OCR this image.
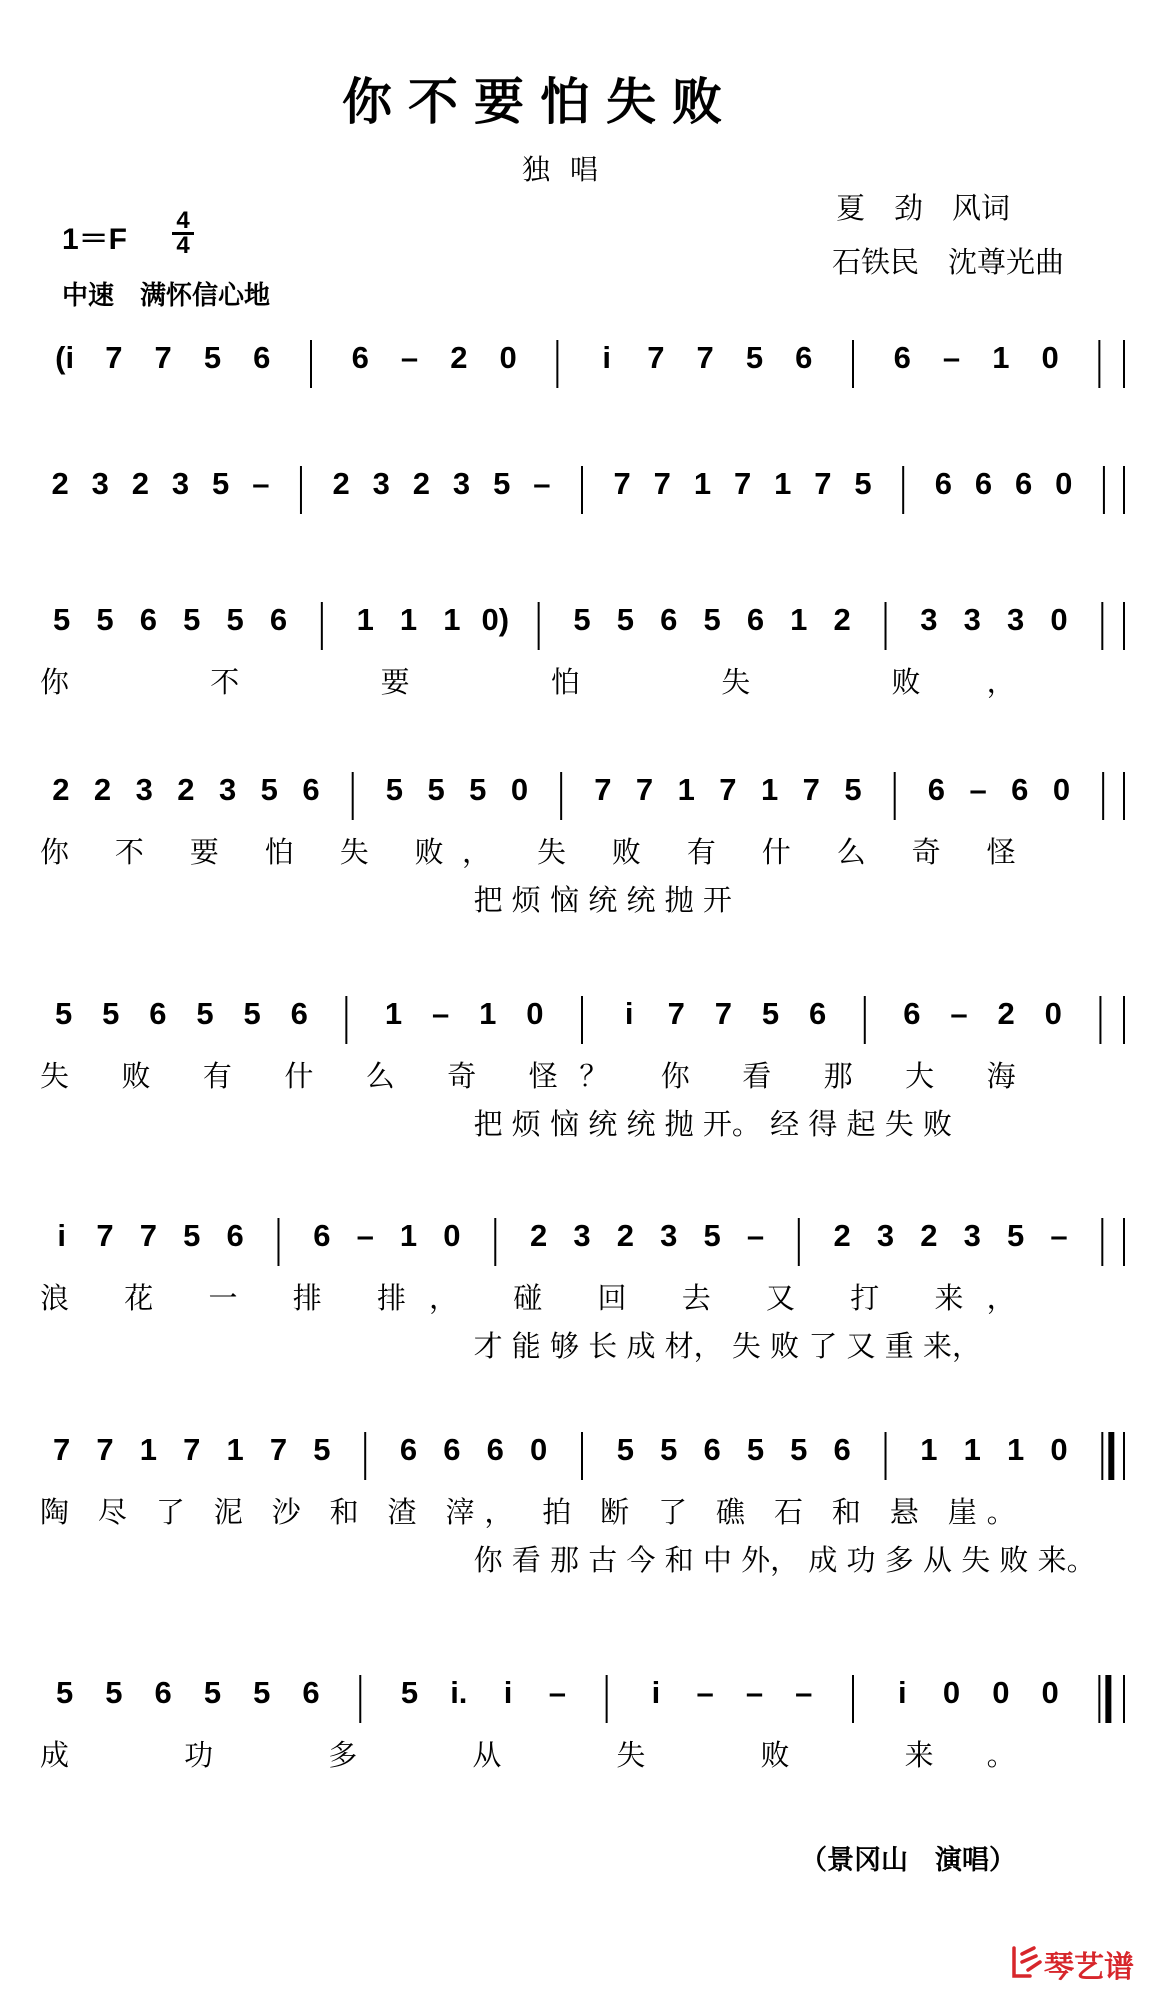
你不要怕失败
独唱
夏　劲　风词
石铁民　沈尊光曲
1＝F
4
4
中速　满怀信心地
(i 7 7 5 6	6 – 2 0	i 7 7 5 6	6 – 1 0
2 3 2 3 5 – 2 3 2 3 5 – 7 7 1 7 1 7 5 6 6 6 0
5 5 6 5 5 6 1 1 1 0) 5 5 6 5 6 1 2 3 3 3 0
你 不 要 怕 失 败，
2 2 3 2 3 5 6 5 5 5 0 7 7 1 7 1 7 5 6 – 6 0
你 不 要 怕 失 败， 失 败 有 什 么 奇 怪
把 烦 恼 统 统 抛 开
5 5 6 5 5 6 1 – 1 0	i 7 7 5 6 6 – 2 0
失 败 有 什 么 奇 怪？ 你 看 那 大 海
把 烦 恼 统 统 抛 开。 经 得 起 失 败
i 7 7 5 6 6 – 1 0 2 3 2 3 5 – 2 3 2 3 5 –
浪 花 一 排 排， 碰 回 去 又 打 来，
才 能 够 长 成 材， 失 败 了 又 重 来，
7 7 1 7 1 7 5 6 6 6 0 5 5 6 5 5 6 1 1 1 0
陶 尽 了 泥 沙 和 渣 滓， 拍 断 了 礁 石 和 悬 崖。
你 看 那 古 今 和 中 外， 成 功 多 从 失 败 来。
5 5 6 5 5 6	5 i. i –	i – – –	i 0 0 0
成 功 多 从 失 败 来。
（景冈山　演唱）
琴艺谱
